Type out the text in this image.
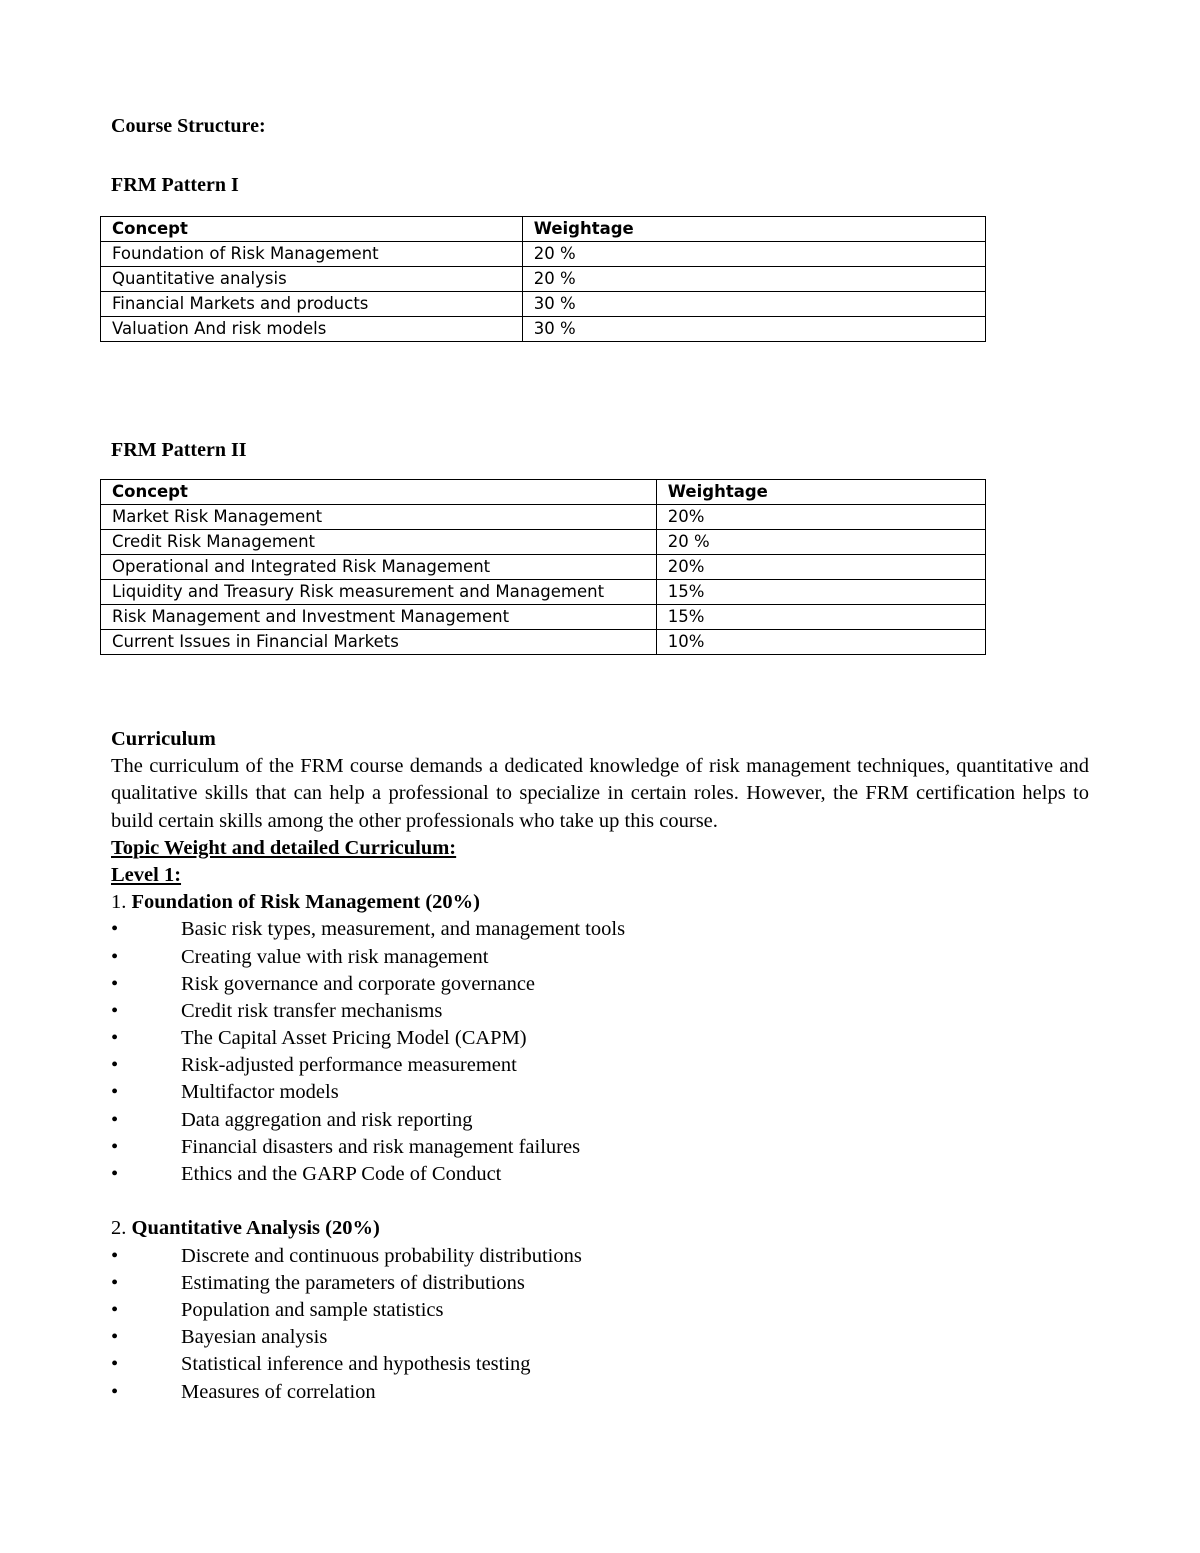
Course Structure:
FRM Pattern I
Concept	Weightage
Foundation of Risk Management	20 %
Quantitative analysis	20 %
Financial Markets and products	30 %
Valuation And risk models	30 %
FRM Pattern II
Concept	Weightage
Market Risk Management	20%
Credit Risk Management	20 %
Operational and Integrated Risk Management	20%
Liquidity and Treasury Risk measurement and Management	15%
Risk Management and Investment Management	15%
Current Issues in Financial Markets	10%
Curriculum
The curriculum of the FRM course demands a dedicated knowledge of risk management techniques, quantitative and qualitative skills that can help a professional to specialize in certain roles. However, the FRM certification helps to build certain skills among the other professionals who take up this course.
Topic Weight and detailed Curriculum:
Level 1:
1. Foundation of Risk Management (20%)
•	Basic risk types, measurement, and management tools
•	Creating value with risk management
•	Risk governance and corporate governance
•	Credit risk transfer mechanisms
•	The Capital Asset Pricing Model (CAPM)
•	Risk-adjusted performance measurement
•	Multifactor models
•	Data aggregation and risk reporting
•	Financial disasters and risk management failures
•	Ethics and the GARP Code of Conduct
2. Quantitative Analysis (20%)
•	Discrete and continuous probability distributions
•	Estimating the parameters of distributions
•	Population and sample statistics
•	Bayesian analysis
•	Statistical inference and hypothesis testing
•	Measures of correlation
